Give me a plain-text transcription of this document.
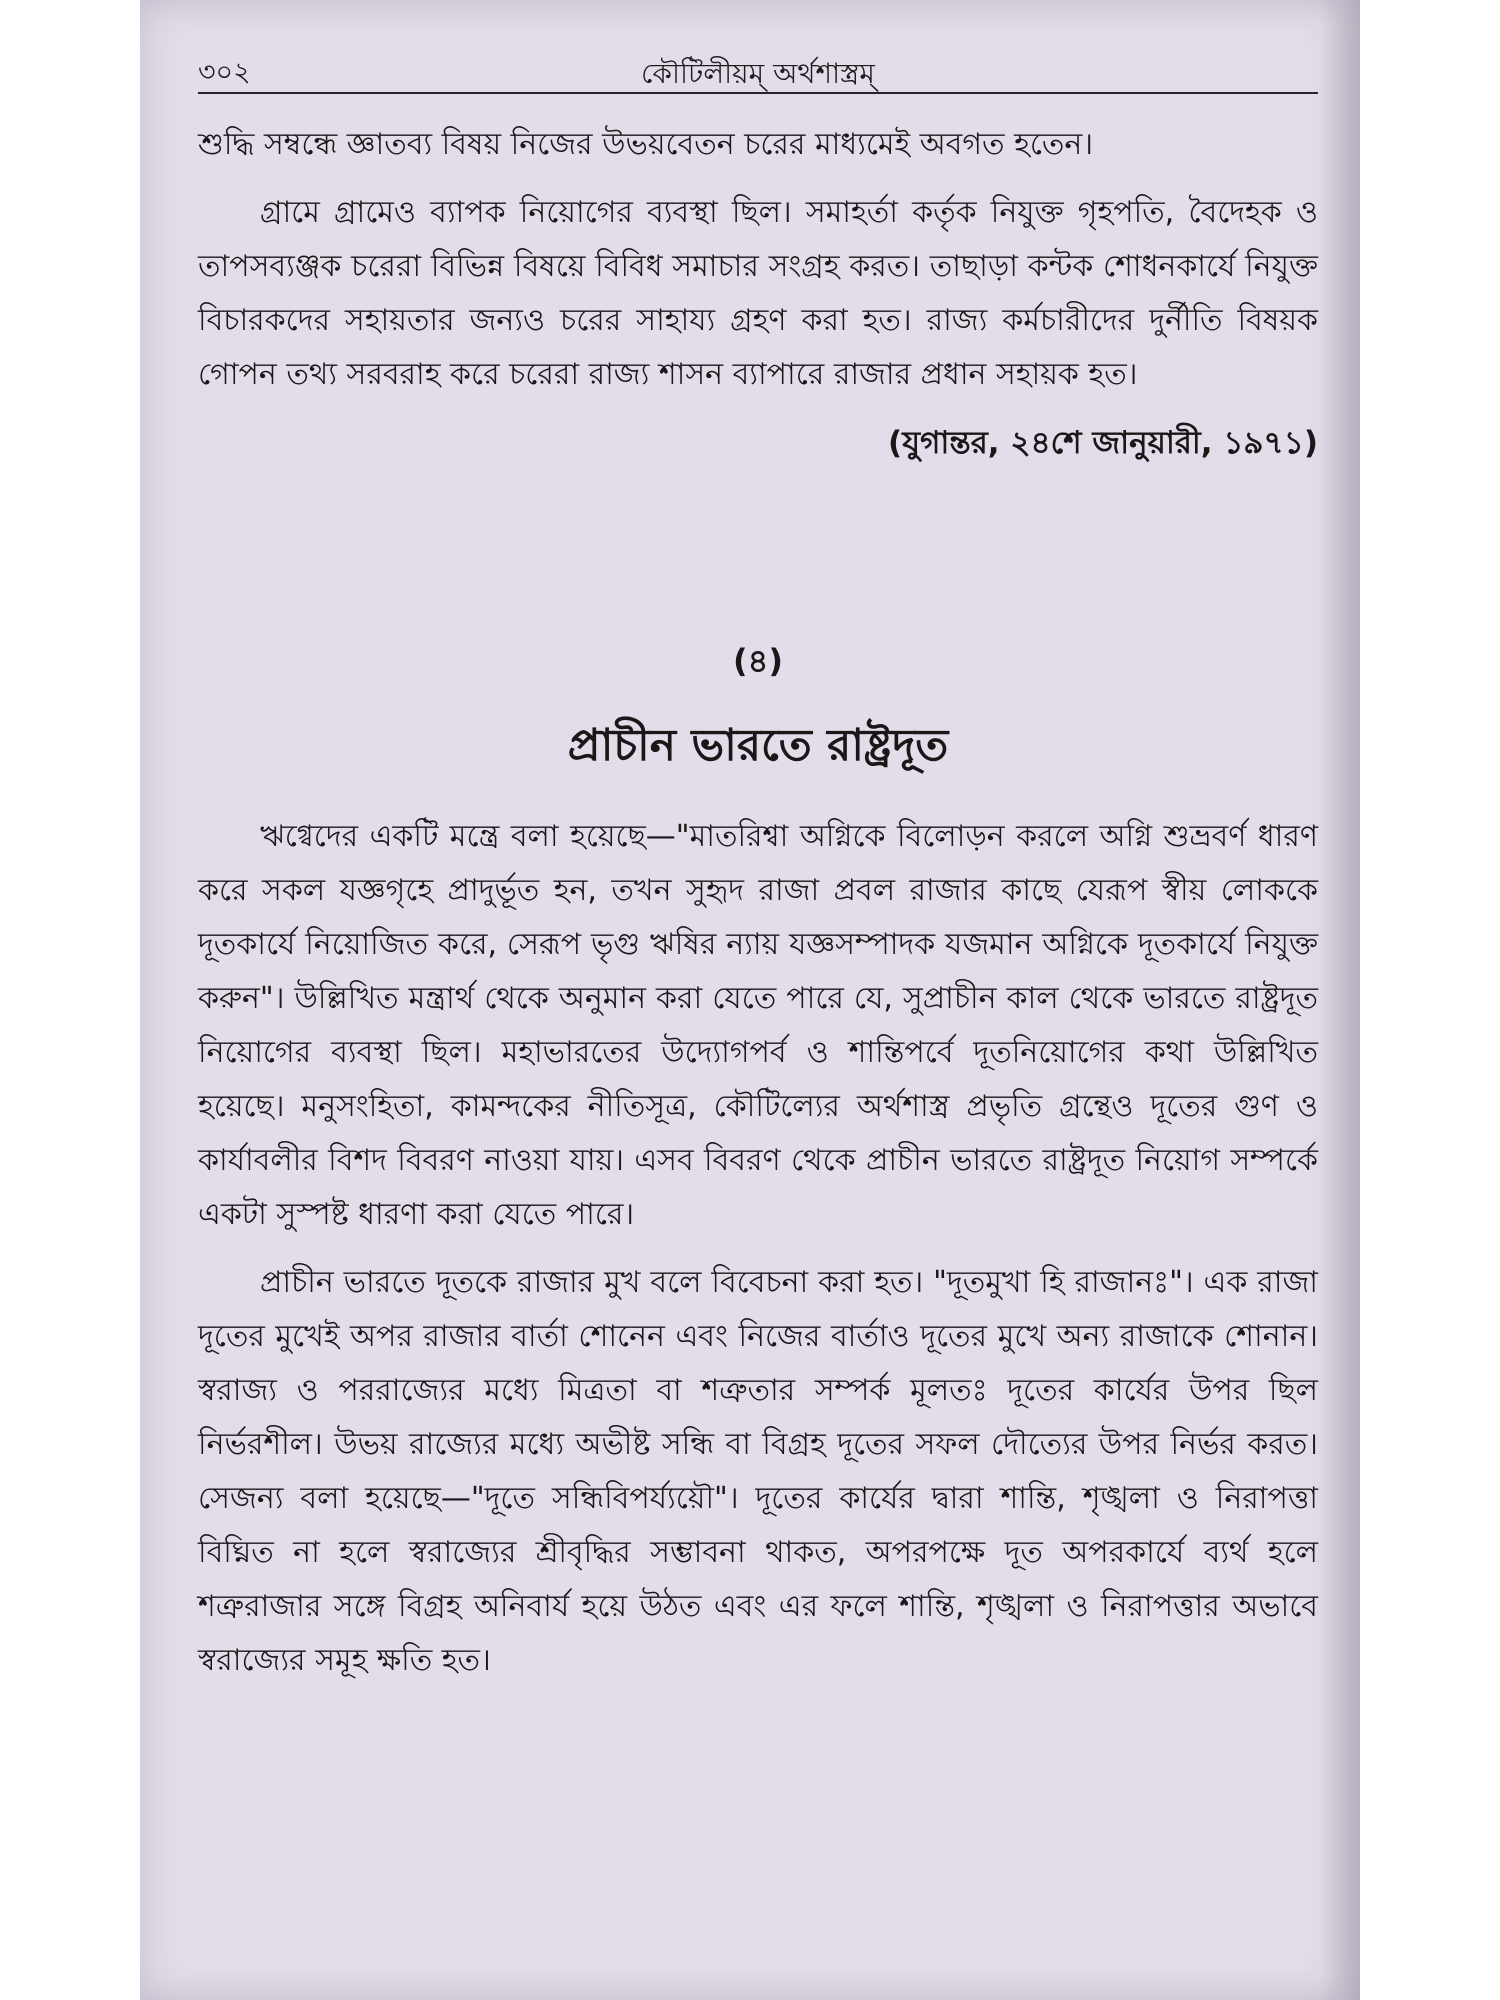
৩০২	কৌটিলীয়ম্ অর্থশাস্ত্রম্

শুদ্ধি সম্বন্ধে জ্ঞাতব্য বিষয় নিজের উভয়বেতন চরের মাধ্যমেই অবগত হতেন।

গ্রামে গ্রামেও ব্যাপক নিয়োগের ব্যবস্থা ছিল। সমাহর্তা কর্তৃক নিযুক্ত গৃহপতি, বৈদেহক ও তাপসব্যঞ্জক চরেরা বিভিন্ন বিষয়ে বিবিধ সমাচার সংগ্রহ করত। তাছাড়া কন্টক শোধনকার্যে নিযুক্ত বিচারকদের সহায়তার জন্যও চরের সাহায্য গ্রহণ করা হত। রাজ্য কর্মচারীদের দুর্নীতি বিষয়ক গোপন তথ্য সরবরাহ করে চরেরা রাজ্য শাসন ব্যাপারে রাজার প্রধান সহায়ক হত।

(যুগান্তর, ২৪শে জানুয়ারী, ১৯৭১)
(৪)
প্রাচীন ভারতে রাষ্ট্রদূত

ঋগ্বেদের একটি মন্ত্রে বলা হয়েছে—"মাতরিশ্বা অগ্নিকে বিলোড়ন করলে অগ্নি শুভ্রবর্ণ ধারণ করে সকল যজ্ঞগৃহে প্রাদুর্ভূত হন, তখন সুহৃদ রাজা প্রবল রাজার কাছে যেরূপ স্বীয় লোককে দূতকার্যে নিয়োজিত করে, সেরূপ ভৃগু ঋষির ন্যায় যজ্ঞসম্পাদক যজমান অগ্নিকে দূতকার্যে নিযুক্ত করুন"। উল্লিখিত মন্ত্রার্থ থেকে অনুমান করা যেতে পারে যে, সুপ্রাচীন কাল থেকে ভারতে রাষ্ট্রদূত নিয়োগের ব্যবস্থা ছিল। মহাভারতের উদ্যোগপর্ব ও শান্তিপর্বে দূতনিয়োগের কথা উল্লিখিত হয়েছে। মনুসংহিতা, কামন্দকের নীতিসূত্র, কৌটিল্যের অর্থশাস্ত্র প্রভৃতি গ্রন্থেও দূতের গুণ ও কার্যাবলীর বিশদ বিবরণ নাওয়া যায়। এসব বিবরণ থেকে প্রাচীন ভারতে রাষ্ট্রদূত নিয়োগ সম্পর্কে একটা সুস্পষ্ট ধারণা করা যেতে পারে।

প্রাচীন ভারতে দূতকে রাজার মুখ বলে বিবেচনা করা হত। "দূতমুখা হি রাজানঃ"। এক রাজা দূতের মুখেই অপর রাজার বার্তা শোনেন এবং নিজের বার্তাও দূতের মুখে অন্য রাজাকে শোনান। স্বরাজ্য ও পররাজ্যের মধ্যে মিত্রতা বা শত্রুতার সম্পর্ক মূলতঃ দূতের কার্যের উপর ছিল নির্ভরশীল। উভয় রাজ্যের মধ্যে অভীষ্ট সন্ধি বা বিগ্রহ দূতের সফল দৌত্যের উপর নির্ভর করত। সেজন্য বলা হয়েছে—"দূতে সন্ধিবিপর্য্যয়ৌ"। দূতের কার্যের দ্বারা শান্তি, শৃঙ্খলা ও নিরাপত্তা বিঘ্নিত না হলে স্বরাজ্যের শ্রীবৃদ্ধির সম্ভাবনা থাকত, অপরপক্ষে দূত অপরকার্যে ব্যর্থ হলে শত্রুরাজার সঙ্গে বিগ্রহ অনিবার্য হয়ে উঠত এবং এর ফলে শান্তি, শৃঙ্খলা ও নিরাপত্তার অভাবে স্বরাজ্যের সমূহ ক্ষতি হত।
